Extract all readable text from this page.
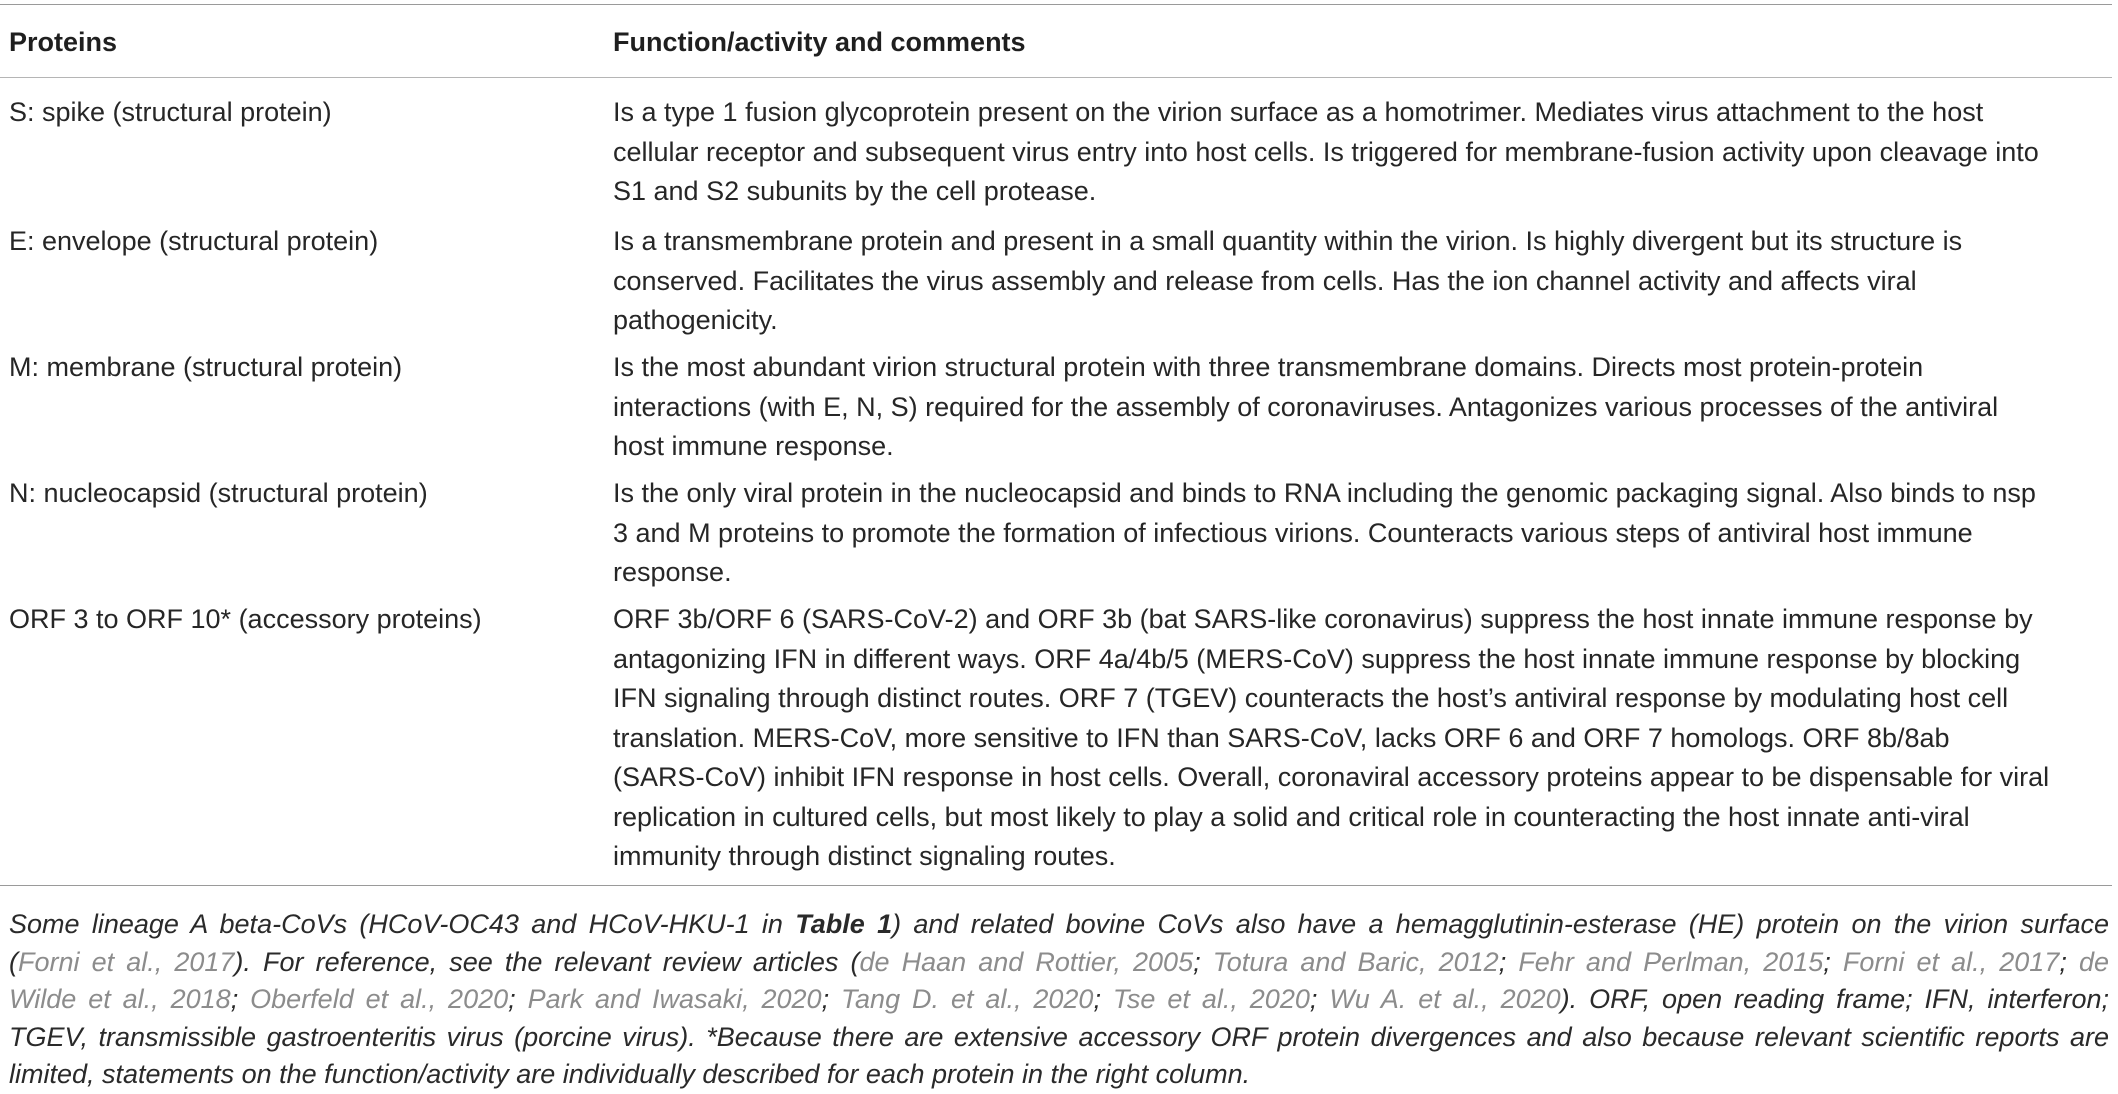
Proteins	Function/activity and comments
S: spike (structural protein)	Is a type 1 fusion glycoprotein present on the virion surface as a homotrimer. Mediates virus attachment to the host
cellular receptor and subsequent virus entry into host cells. Is triggered for membrane-fusion activity upon cleavage into
S1 and S2 subunits by the cell protease.
E: envelope (structural protein)	Is a transmembrane protein and present in a small quantity within the virion. Is highly divergent but its structure is
conserved. Facilitates the virus assembly and release from cells. Has the ion channel activity and affects viral
pathogenicity.
M: membrane (structural protein)	Is the most abundant virion structural protein with three transmembrane domains. Directs most protein-protein
interactions (with E, N, S) required for the assembly of coronaviruses. Antagonizes various processes of the antiviral
host immune response.
N: nucleocapsid (structural protein)	Is the only viral protein in the nucleocapsid and binds to RNA including the genomic packaging signal. Also binds to nsp
3 and M proteins to promote the formation of infectious virions. Counteracts various steps of antiviral host immune
response.
ORF 3 to ORF 10* (accessory proteins)	ORF 3b/ORF 6 (SARS-CoV-2) and ORF 3b (bat SARS-like coronavirus) suppress the host innate immune response by
antagonizing IFN in different ways. ORF 4a/4b/5 (MERS-CoV) suppress the host innate immune response by blocking
IFN signaling through distinct routes. ORF 7 (TGEV) counteracts the host’s antiviral response by modulating host cell
translation. MERS-CoV, more sensitive to IFN than SARS-CoV, lacks ORF 6 and ORF 7 homologs. ORF 8b/8ab
(SARS-CoV) inhibit IFN response in host cells. Overall, coronaviral accessory proteins appear to be dispensable for viral
replication in cultured cells, but most likely to play a solid and critical role in counteracting the host innate anti-viral
immunity through distinct signaling routes.
Some lineage A beta-CoVs (HCoV-OC43 and HCoV-HKU-1 in Table 1) and related bovine CoVs also have a hemagglutinin-esterase (HE) protein on the virion surface
(Forni et al., 2017). For reference, see the relevant review articles (de Haan and Rottier, 2005; Totura and Baric, 2012; Fehr and Perlman, 2015; Forni et al., 2017; de
Wilde et al., 2018; Oberfeld et al., 2020; Park and Iwasaki, 2020; Tang D. et al., 2020; Tse et al., 2020; Wu A. et al., 2020). ORF, open reading frame; IFN, interferon;
TGEV, transmissible gastroenteritis virus (porcine virus). *Because there are extensive accessory ORF protein divergences and also because relevant scientific reports are
limited, statements on the function/activity are individually described for each protein in the right column.
